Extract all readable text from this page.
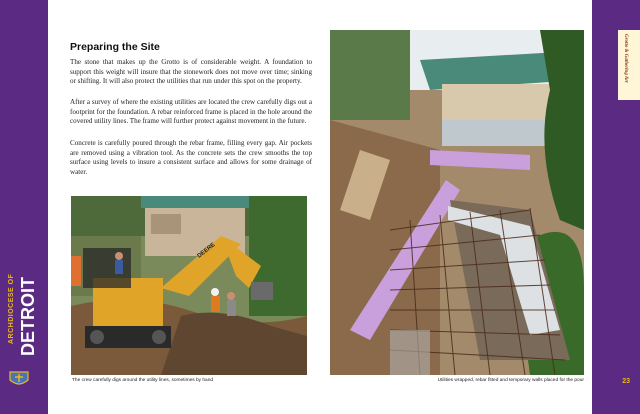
ARCHDIOCESE OF DETROIT
Preparing the Site

The stone that makes up the Grotto is of considerable weight. A foundation to support this weight will insure that the stonework does not move over time; sinking or shifting. It will also protect the utilities that run under this spot on the property.

After a survey of where the existing utilities are located the crew carefully digs out a footprint for the foundation. A rebar reinforced frame is placed in the hole around the covered utility lines. The frame will further protect against movement in the future.

Concrete is carefully poured through the rebar frame, filling every gap. Air pockets are removed using a vibration tool. As the concrete sets the crew smooths the top surface using levels to insure a consistent surface and allows for some drainage of water.

DEERE
The crew carefully digs around the utility lines, sometimes by hand	Utilities wrapped, rebar fitted and temporary walls placed for the pour
Grotto & Gathering Art
23
